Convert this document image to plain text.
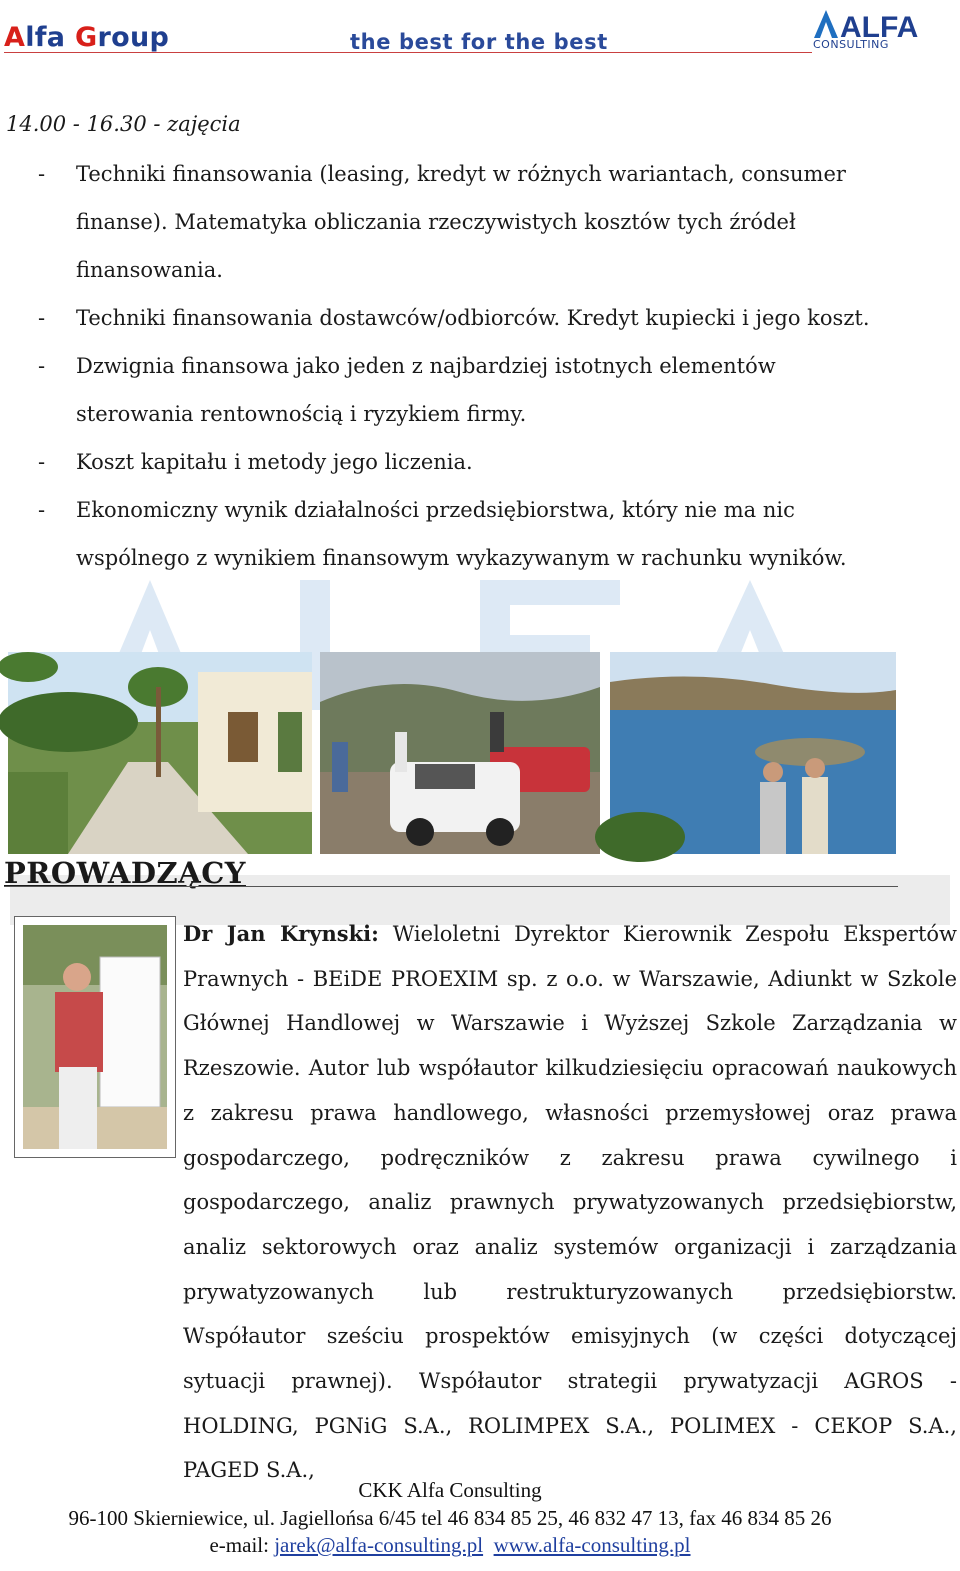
Alfa Group	the best for the best	ALFA
CONSULTING
14.00 - 16.30 - zajęcia
- Techniki finansowania (leasing, kredyt w różnych wariantach, consumer finanse). Matematyka obliczania rzeczywistych kosztów tych źródeł finansowania.
- Techniki finansowania dostawców/odbiorców. Kredyt kupiecki i jego koszt.
- Dzwignia finansowa jako jeden z najbardziej istotnych elementów sterowania rentownością i ryzykiem firmy.
- Koszt kapitału i metody jego liczenia.
- Ekonomiczny wynik działalności przedsiębiorstwa, który nie ma nic wspólnego z wynikiem finansowym wykazywanym w rachunku wyników.
PROWADZĄCY

Dr Jan Krynski: Wieloletni Dyrektor Kierownik Zespołu Ekspertów Prawnych - BEiDE PROEXIM sp. z o.o. w Warszawie, Adiunkt w Szkole Głównej Handlowej w Warszawie i Wyższej Szkole Zarządzania w Rzeszowie. Autor lub współautor kilkudziesięciu opracowań naukowych z zakresu prawa handlowego, własności przemysłowej oraz prawa gospodarczego, podręczników z zakresu prawa cywilnego i gospodarczego, analiz prawnych prywatyzowanych przedsiębiorstw, analiz sektorowych oraz analiz systemów organizacji i zarządzania prywatyzowanych lub restrukturyzowanych przedsiębiorstw. Współautor sześciu prospektów emisyjnych (w części dotyczącej sytuacji prawnej). Współautor strategii prywatyzacji AGROS - HOLDING, PGNiG S.A., ROLIMPEX S.A., POLIMEX - CEKOP S.A., PAGED S.A.,

CKK Alfa Consulting
96-100 Skierniewice, ul. Jagiellońsa 6/45 tel 46 834 85 25, 46 832 47 13, fax 46 834 85 26
e-mail: jarek@alfa-consulting.pl www.alfa-consulting.pl
